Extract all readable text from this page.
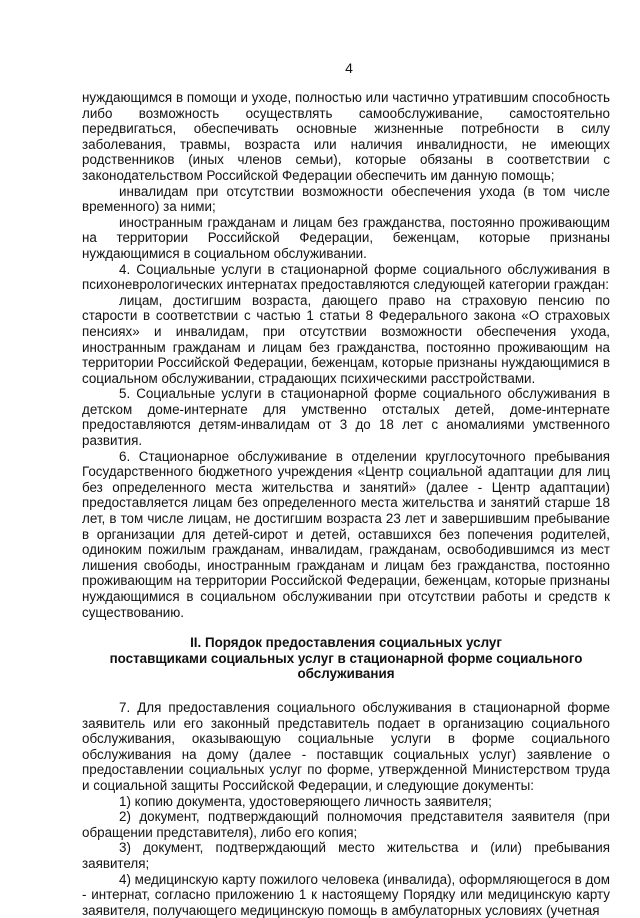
4

нуждающимся в помощи и уходе, полностью или частично утратившим способность либо возможность осуществлять самообслуживание, самостоятельно передвигаться, обеспечивать основные жизненные потребности в силу заболевания, травмы, возраста или наличия инвалидности, не имеющих родственников (иных членов семьи), которые обязаны в соответствии с законодательством Российской Федерации обеспечить им данную помощь;

инвалидам при отсутствии возможности обеспечения ухода (в том числе временного) за ними;

иностранным гражданам и лицам без гражданства, постоянно проживающим на территории Российской Федерации, беженцам, которые признаны нуждающимися в социальном обслуживании.

4. Социальные услуги в стационарной форме социального обслуживания в психоневрологических интернатах предоставляются следующей категории граждан:

лицам, достигшим возраста, дающего право на страховую пенсию по старости в соответствии с частью 1 статьи 8 Федерального закона «О страховых пенсиях» и инвалидам, при отсутствии возможности обеспечения ухода, иностранным гражданам и лицам без гражданства, постоянно проживающим на территории Российской Федерации, беженцам, которые признаны нуждающимися в социальном обслуживании, страдающих психическими расстройствами.

5. Социальные услуги в стационарной форме социального обслуживания в детском доме-интернате для умственно отсталых детей, доме-интернате предоставляются детям-инвалидам от 3 до 18 лет с аномалиями умственного развития.

6. Стационарное обслуживание в отделении круглосуточного пребывания Государственного бюджетного учреждения «Центр социальной адаптации для лиц без определенного места жительства и занятий» (далее - Центр адаптации) предоставляется лицам без определенного места жительства и занятий старше 18 лет, в том числе лицам, не достигшим возраста 23 лет и завершившим пребывание в организации для детей-сирот и детей, оставшихся без попечения родителей, одиноким пожилым гражданам, инвалидам, гражданам, освободившимся из мест лишения свободы, иностранным гражданам и лицам без гражданства, постоянно проживающим на территории Российской Федерации, беженцам, которые признаны нуждающимися в социальном обслуживании при отсутствии работы и средств к существованию.

II. Порядок предоставления социальных услуг
поставщиками социальных услуг в стационарной форме социального
обслуживания

7. Для предоставления социального обслуживания в стационарной форме заявитель или его законный представитель подает в организацию социального обслуживания, оказывающую социальные услуги в форме социального обслуживания на дому (далее - поставщик социальных услуг) заявление о предоставлении социальных услуг по форме, утвержденной Министерством труда и социальной защиты Российской Федерации, и следующие документы:

1) копию документа, удостоверяющего личность заявителя;

2) документ, подтверждающий полномочия представителя заявителя (при обращении представителя), либо его копия;

3) документ, подтверждающий место жительства и (или) пребывания заявителя;

4) медицинскую карту пожилого человека (инвалида), оформляющегося в дом - интернат, согласно приложению 1 к настоящему Порядку или медицинскую карту заявителя, получающего медицинскую помощь в амбулаторных условиях (учетная
